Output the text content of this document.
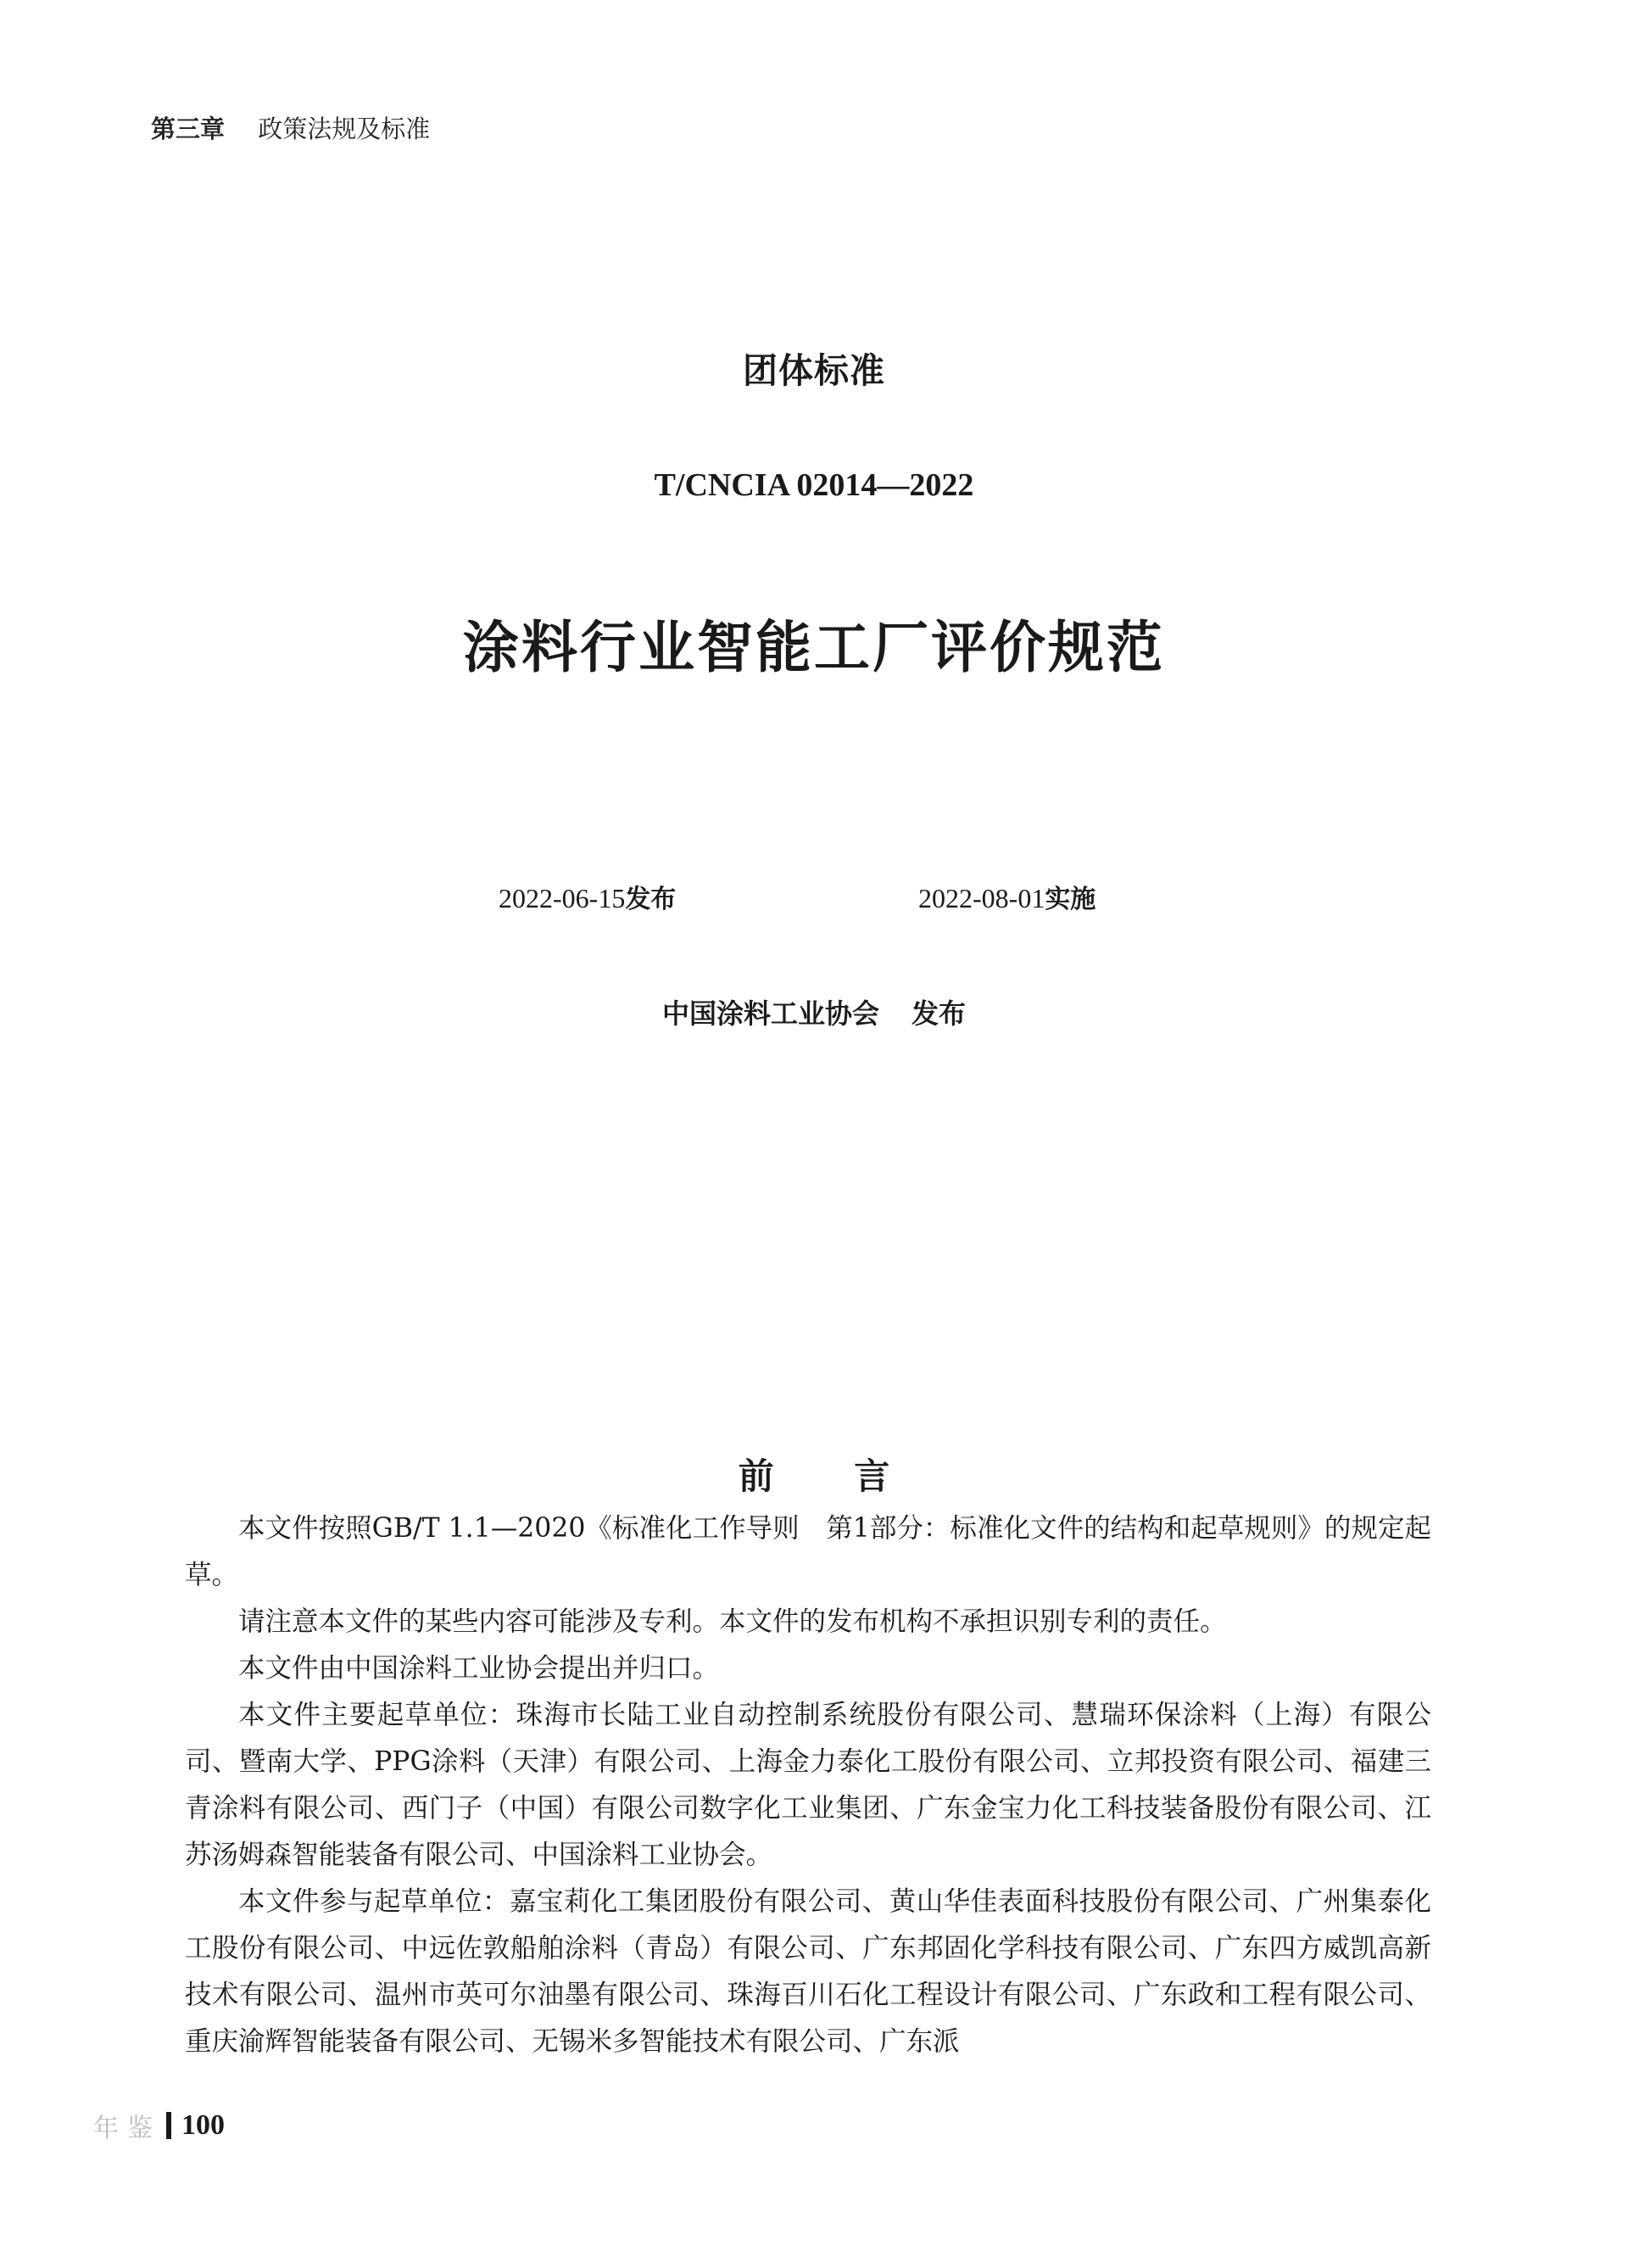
第三章 政策法规及标准
团体标准
T/CNCIA 02014—2022
涂料行业智能工厂评价规范
2022-06-15发布	2022-08-01实施
中国涂料工业协会 发布
前 言

本文件按照GB/T 1.1—2020《标准化工作导则　第1部分：标准化文件的结构和起草规则》的规定起草。

请注意本文件的某些内容可能涉及专利。本文件的发布机构不承担识别专利的责任。

本文件由中国涂料工业协会提出并归口。

本文件主要起草单位：珠海市长陆工业自动控制系统股份有限公司、慧瑞环保涂料（上海）有限公司、暨南大学、PPG涂料（天津）有限公司、上海金力泰化工股份有限公司、立邦投资有限公司、福建三青涂料有限公司、西门子（中国）有限公司数字化工业集团、广东金宝力化工科技装备股份有限公司、江苏汤姆森智能装备有限公司、中国涂料工业协会。

本文件参与起草单位：嘉宝莉化工集团股份有限公司、黄山华佳表面科技股份有限公司、广州集泰化工股份有限公司、中远佐敦船舶涂料（青岛）有限公司、广东邦固化学科技有限公司、广东四方威凯高新技术有限公司、温州市英可尔油墨有限公司、珠海百川石化工程设计有限公司、广东政和工程有限公司、重庆渝辉智能装备有限公司、无锡米多智能技术有限公司、广东派

年鉴 100
